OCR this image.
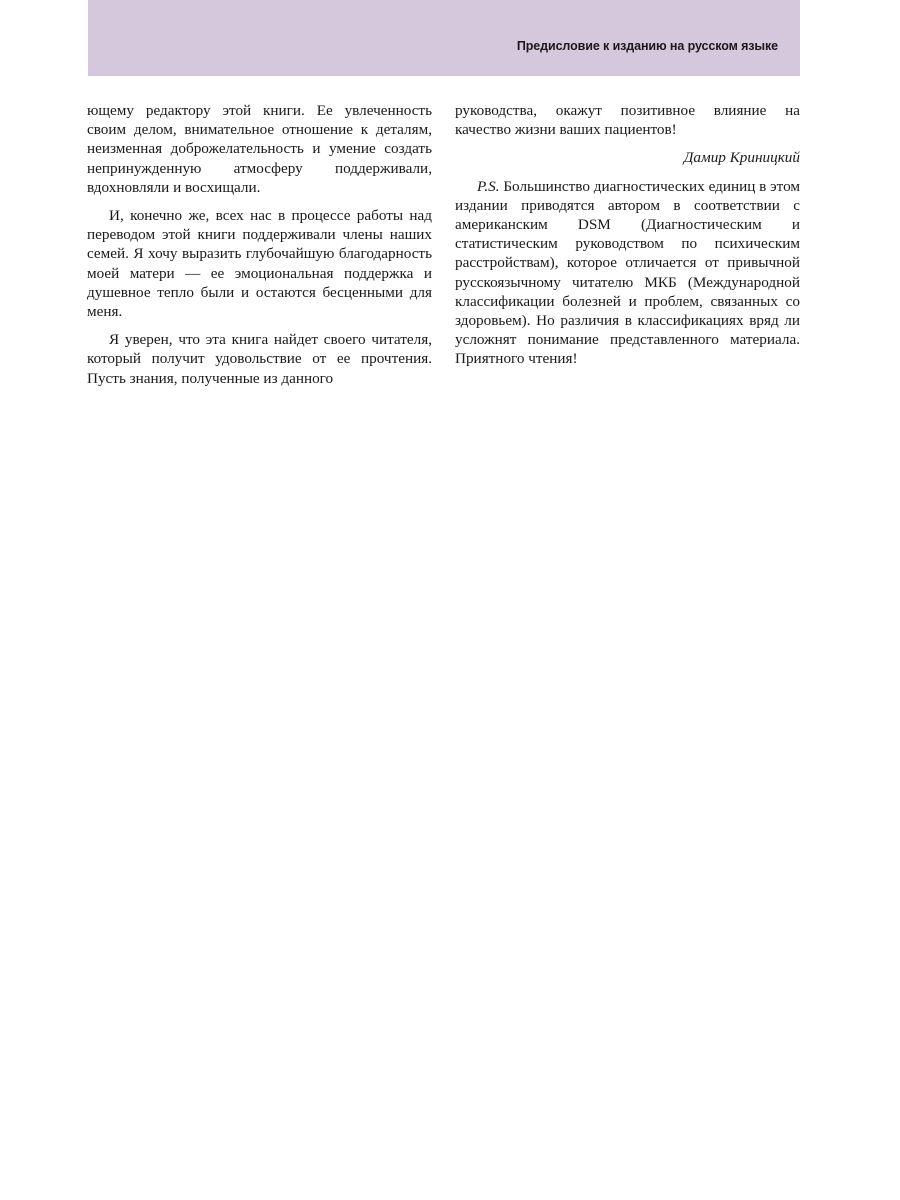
Предисловие к изданию на русском языке

ющему редактору этой книги. Ее увлеченность своим делом, внимательное отношение к деталям, неизменная доброжелательность и умение создать непринужденную атмосферу поддерживали, вдохновляли и восхищали.

И, конечно же, всех нас в процессе работы над переводом этой книги поддерживали члены наших семей. Я хочу выразить глубочайшую благодарность моей матери — ее эмоциональная поддержка и душевное тепло были и остаются бесценными для меня.

Я уверен, что эта книга найдет своего читателя, который получит удовольствие от ее прочтения. Пусть знания, полученные из данного

руководства, окажут позитивное влияние на качество жизни ваших пациентов!

Дамир Криницкий

P.S. Большинство диагностических единиц в этом издании приводятся автором в соответствии с американским DSM (Диагностическим и статистическим руководством по психическим расстройствам), которое отличается от привычной русскоязычному читателю МКБ (Международной классификации болезней и проблем, связанных со здоровьем). Но различия в классификациях вряд ли усложнят понимание представленного материала. Приятного чтения!
